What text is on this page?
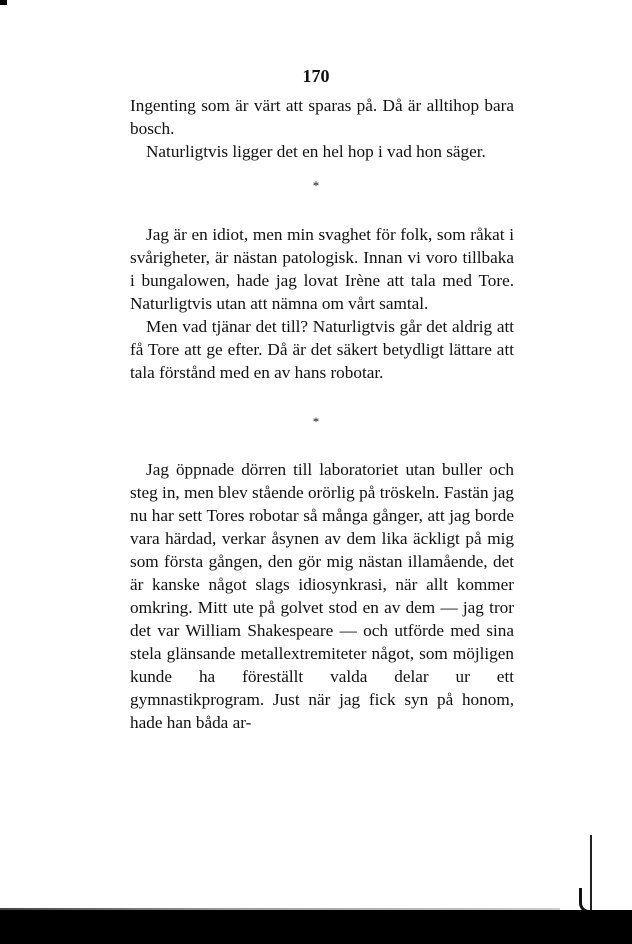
170

Ingenting som är värt att sparas på. Då är alltihop bara bosch.

Naturligtvis ligger det en hel hop i vad hon säger.

*

Jag är en idiot, men min svaghet för folk, som råkat i svårigheter, är nästan patologisk. Innan vi voro tillbaka i bungalowen, hade jag lovat Irène att tala med Tore. Naturligtvis utan att nämna om vårt samtal.

Men vad tjänar det till? Naturligtvis går det aldrig att få Tore att ge efter. Då är det säkert betydligt lättare att tala förstånd med en av hans robotar.

*

Jag öppnade dörren till laboratoriet utan buller och steg in, men blev stående orörlig på tröskeln. Fastän jag nu har sett Tores robotar så många gånger, att jag borde vara härdad, verkar åsynen av dem lika äckligt på mig som första gången, den gör mig nästan illamående, det är kanske något slags idiosynkrasi, när allt kommer omkring. Mitt ute på golvet stod en av dem — jag tror det var William Shakespeare — och utförde med sina stela glänsande metallextremiteter något, som möjligen kunde ha föreställt valda delar ur ett gymnastikprogram. Just när jag fick syn på honom, hade han båda ar-
